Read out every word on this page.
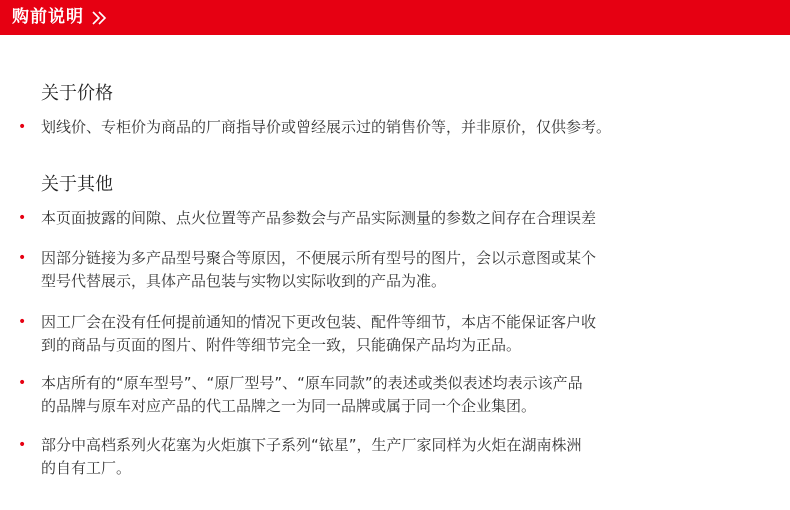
购前说明
关于价格
• 划线价、专柜价为商品的厂商指导价或曾经展示过的销售价等，并非原价，仅供参考。
关于其他
• 本页面披露的间隙、点火位置等产品参数会与产品实际测量的参数之间存在合理误差
• 因部分链接为多产品型号聚合等原因，不便展示所有型号的图片，会以示意图或某个
型号代替展示，具体产品包装与实物以实际收到的产品为准。
• 因工厂会在没有任何提前通知的情况下更改包装、配件等细节，本店不能保证客户收
到的商品与页面的图片、附件等细节完全一致，只能确保产品均为正品。
• 本店所有的“原车型号”、“原厂型号”、“原车同款”的表述或类似表述均表示该产品
的品牌与原车对应产品的代工品牌之一为同一品牌或属于同一个企业集团。
• 部分中高档系列火花塞为火炬旗下子系列“铱星”，生产厂家同样为火炬在湖南株洲
的自有工厂。
